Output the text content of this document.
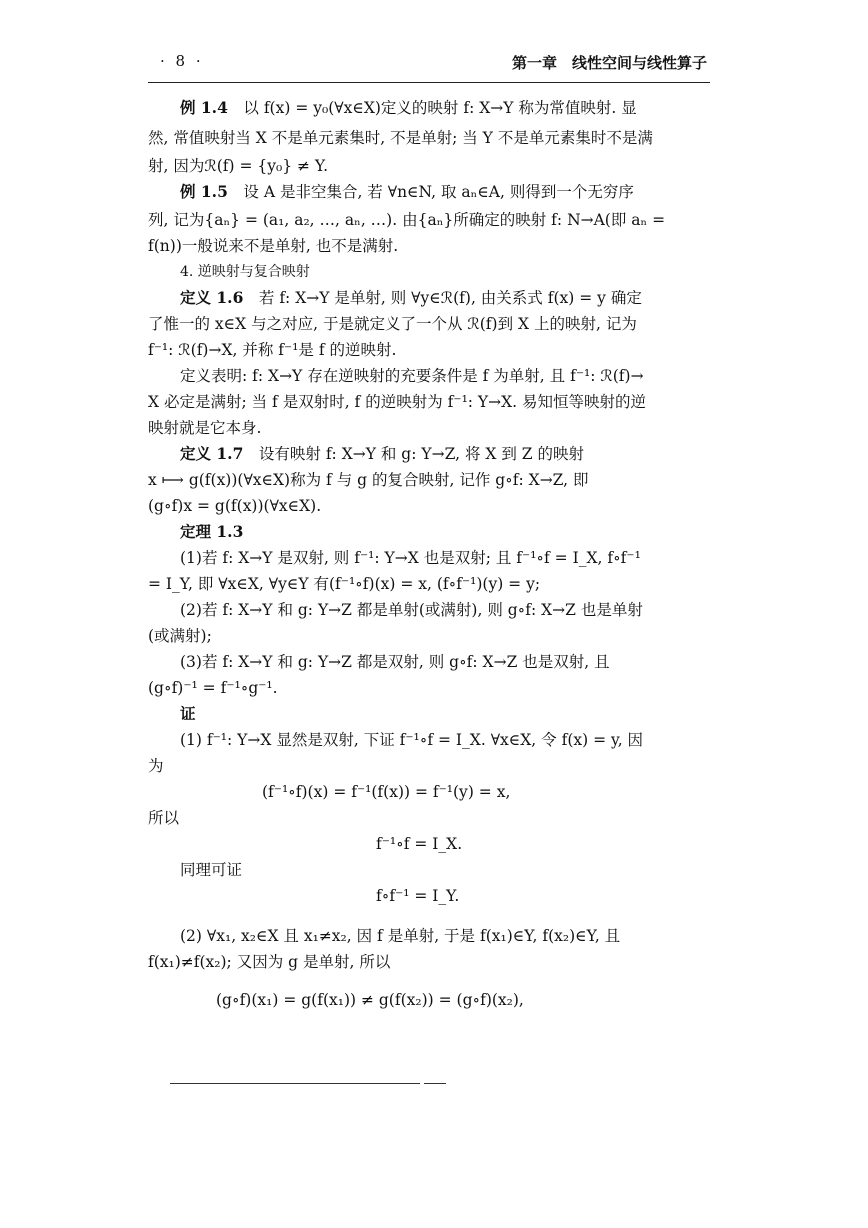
· 8 ·	第一章　线性空间与线性算子
例 1.4　 以 f(x) = y₀(∀x∈X)定义的映射 f: X→Y 称为常值映射. 显
然, 常值映射当 X 不是单元素集时, 不是单射; 当 Y 不是单元素集时不是满
射, 因为ℛ(f) = {y₀} ≠ Y.
例 1.5　 设 A 是非空集合, 若 ∀n∈N, 取 aₙ∈A, 则得到一个无穷序
列, 记为{aₙ} = (a₁, a₂, …, aₙ, …). 由{aₙ}所确定的映射 f: N→A(即 aₙ =
f(n))一般说来不是单射, 也不是满射.
4. 逆映射与复合映射
定义 1.6　 若 f: X→Y 是单射, 则 ∀y∈ℛ(f), 由关系式 f(x) = y 确定
了惟一的 x∈X 与之对应, 于是就定义了一个从 ℛ(f)到 X 上的映射, 记为
f⁻¹: ℛ(f)→X, 并称 f⁻¹是 f 的逆映射.
定义表明: f: X→Y 存在逆映射的充要条件是 f 为单射, 且 f⁻¹: ℛ(f)→
X 必定是满射; 当 f 是双射时, f 的逆映射为 f⁻¹: Y→X. 易知恒等映射的逆
映射就是它本身.
定义 1.7　 设有映射 f: X→Y 和 g: Y→Z, 将 X 到 Z 的映射
x ⟼ g(f(x))(∀x∈X)称为 f 与 g 的复合映射, 记作 g∘f: X→Z, 即
(g∘f)x = g(f(x))(∀x∈X).
定理 1.3
(1)若 f: X→Y 是双射, 则 f⁻¹: Y→X 也是双射; 且 f⁻¹∘f = I_X, f∘f⁻¹
= I_Y, 即 ∀x∈X, ∀y∈Y 有(f⁻¹∘f)(x) = x, (f∘f⁻¹)(y) = y;
(2)若 f: X→Y 和 g: Y→Z 都是单射(或满射), 则 g∘f: X→Z 也是单射
(或满射);
(3)若 f: X→Y 和 g: Y→Z 都是双射, 则 g∘f: X→Z 也是双射, 且
(g∘f)⁻¹ = f⁻¹∘g⁻¹.
证
(1) f⁻¹: Y→X 显然是双射, 下证 f⁻¹∘f = I_X. ∀x∈X, 令 f(x) = y, 因
为
(f⁻¹∘f)(x) = f⁻¹(f(x)) = f⁻¹(y) = x,
所以
f⁻¹∘f = I_X.
同理可证
f∘f⁻¹ = I_Y.
(2) ∀x₁, x₂∈X 且 x₁≠x₂, 因 f 是单射, 于是 f(x₁)∈Y, f(x₂)∈Y, 且
f(x₁)≠f(x₂); 又因为 g 是单射, 所以
(g∘f)(x₁) = g(f(x₁)) ≠ g(f(x₂)) = (g∘f)(x₂),
